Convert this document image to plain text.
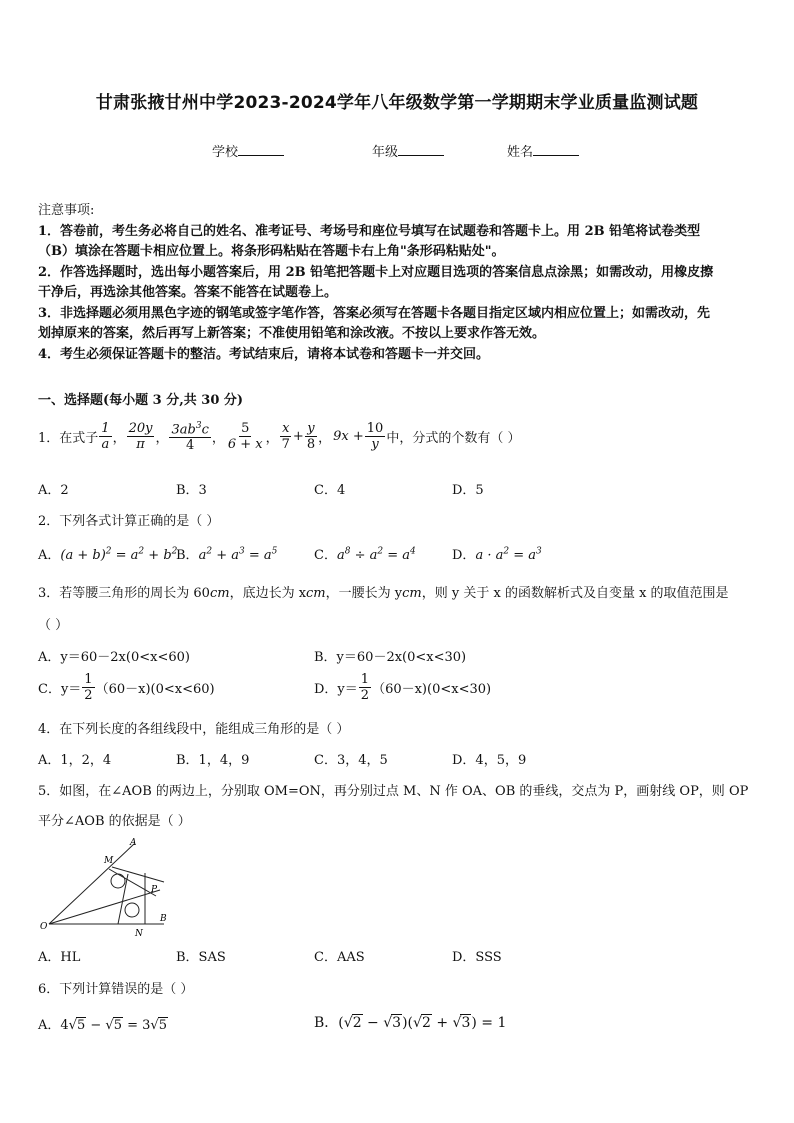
甘肃张掖甘州中学2023-2024学年八年级数学第一学期期末学业质量监测试题
学校	年级	姓名
注意事项:
1．答卷前，考生务必将自己的姓名、准考证号、考场号和座位号填写在试题卷和答题卡上。用 2B 铅笔将试卷类型
（B）填涂在答题卡相应位置上。将条形码粘贴在答题卡右上角"条形码粘贴处"。
2．作答选择题时，选出每小题答案后，用 2B 铅笔把答题卡上对应题目选项的答案信息点涂黑；如需改动，用橡皮擦
干净后，再选涂其他答案。答案不能答在试题卷上。
3．非选择题必须用黑色字迹的钢笔或签字笔作答，答案必须写在答题卡各题目指定区域内相应位置上；如需改动，先
划掉原来的答案，然后再写上新答案；不准使用铅笔和涂改液。不按以上要求作答无效。
4．考生必须保证答题卡的整洁。考试结束后，请将本试卷和答题卡一并交回。
一、选择题(每小题 3 分,共 30 分)
1．在式子 $\frac{1}{a}$ ， $\frac{20y}{\pi}$ ， $\frac{3ab^3c}{4}$ ， $\frac{5}{6 + x}$ ， $\frac{x}{7} + \frac{y}{8}$ ， $9x + \frac{10}{y}$ 中，分式的个数有（ ）
A．2	B．3	C．4	D．5
2．下列各式计算正确的是（ ）
A．$(a + b)^2 = a^2 + b^2$
B．$a^2 + a^3 = a^5$	C．$a^8 \div a^2 = a^4$	D．$a \cdot a^2 = a^3$
3．若等腰三角形的周长为 60cm，底边长为 xcm，一腰长为 ycm，则 y 关于 x 的函数解析式及自变量 x 的取值范围是
（ ）
A．y＝60－2x(0<x<60)	B．y＝60－2x(0<x<30)
C．$y= \frac{1}{2} (60-x)(0<x<60)$	D．$y= \frac{1}{2} (60-x)(0<x<30)$
4．在下列长度的各组线段中，能组成三角形的是（ ）
A．1，2，4	B．1，4，9	C．3，4，5	D．4，5，9
5．如图，在∠AOB 的两边上，分别取 OM=ON，再分别过点 M、N 作 OA、OB 的垂线，交点为 P，画射线 OP，则 OP
平分∠AOB 的依据是（ ）
A
M
P
O
N
B
A．HL	B．SAS	C．AAS	D．SSS
6．下列计算错误的是（ ）
A．4√5 − √5 = 3√5	B．(√2 − √3)(√2 + √3) = 1
